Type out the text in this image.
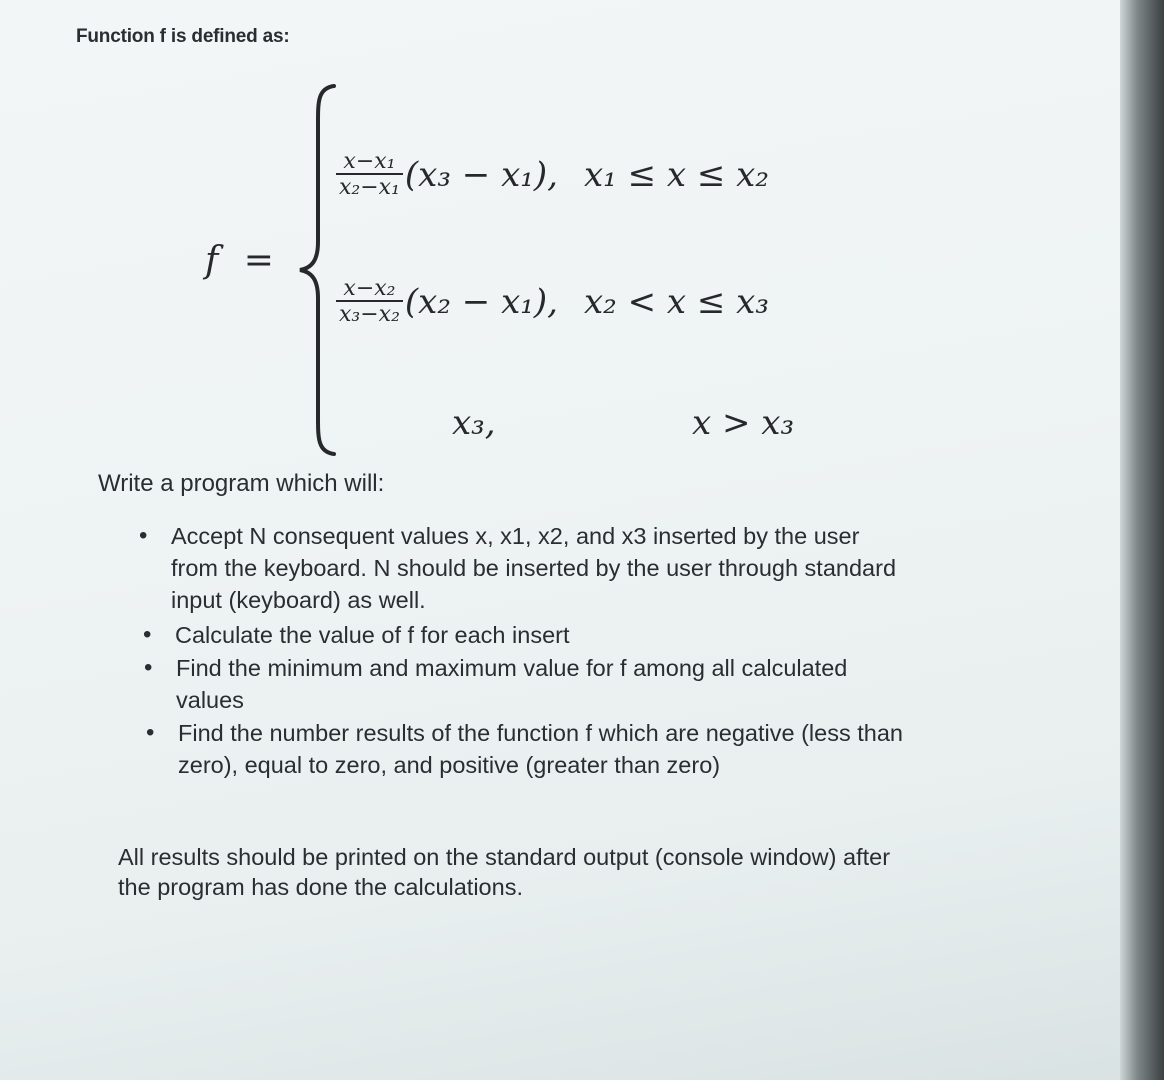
Function f is defined as:
f =
$\frac{\text{x−x₁}}{\text{x₂−x₁}} (x_3 - x_1)$, x₁ ≤ x ≤ x₂
$\frac{\text{x−x₂}}{\text{x₃−x₂}} (x_2 - x_1)$, x₂ < x ≤ x₃
x₃,	x > x₃
Write a program which will:
• Accept N consequent values x, x1, x2, and x3 inserted by the user
from the keyboard. N should be inserted by the user through standard
input (keyboard) as well.
• Calculate the value of f for each insert
• Find the minimum and maximum value for f among all calculated
values
• Find the number results of the function f which are negative (less than
zero), equal to zero, and positive (greater than zero)
All results should be printed on the standard output (console window) after
the program has done the calculations.
